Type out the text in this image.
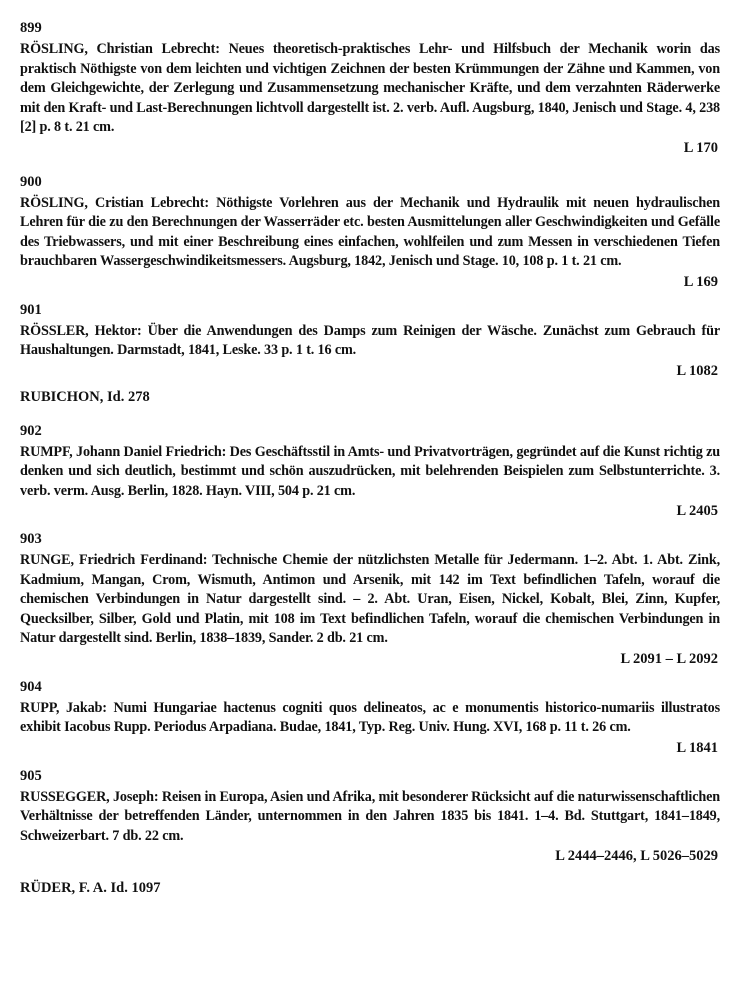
899
RÖSLING, Christian Lebrecht: Neues theoretisch-praktisches Lehr- und Hilfsbuch der Mechanik worin das praktisch Nöthigste von dem leichten und vichtigen Zeichnen der besten Krümmungen der Zähne und Kammen, von dem Gleichgewichte, der Zerlegung und Zusammensetzung mechanischer Kräfte, und dem verzahnten Räderwerke mit den Kraft- und Last-Berechnungen lichtvoll dargestellt ist. 2. verb. Aufl. Augsburg, 1840, Jenisch und Stage. 4, 238 [2] p. 8 t. 21 cm.
L 170
900
RÖSLING, Cristian Lebrecht: Nöthigste Vorlehren aus der Mechanik und Hydraulik mit neuen hydraulischen Lehren für die zu den Berechnungen der Wasserräder etc. besten Ausmittelungen aller Geschwindigkeiten und Gefälle des Triebwassers, und mit einer Beschreibung eines einfachen, wohlfeilen und zum Messen in verschiedenen Tiefen brauchbaren Wassergeschwindikeitsmessers. Augsburg, 1842, Jenisch und Stage. 10, 108 p. 1 t. 21 cm.
L 169
901
RÖSSLER, Hektor: Über die Anwendungen des Damps zum Reinigen der Wäsche. Zunächst zum Gebrauch für Haushaltungen. Darmstadt, 1841, Leske. 33 p. 1 t. 16 cm.
L 1082
RUBICHON, Id. 278
902
RUMPF, Johann Daniel Friedrich: Des Geschäftsstil in Amts- und Privatvorträgen, gegründet auf die Kunst richtig zu denken und sich deutlich, bestimmt und schön auszudrücken, mit belehrenden Beispielen zum Selbstunterrichte. 3. verb. verm. Ausg. Berlin, 1828. Hayn. VIII, 504 p. 21 cm.
L 2405
903
RUNGE, Friedrich Ferdinand: Technische Chemie der nützlichsten Metalle für Jedermann. 1–2. Abt. 1. Abt. Zink, Kadmium, Mangan, Crom, Wismuth, Antimon und Arsenik, mit 142 im Text befindlichen Tafeln, worauf die chemischen Verbindungen in Natur dargestellt sind. – 2. Abt. Uran, Eisen, Nickel, Kobalt, Blei, Zinn, Kupfer, Quecksilber, Silber, Gold und Platin, mit 108 im Text befindlichen Tafeln, worauf die chemischen Verbindungen in Natur dargestellt sind. Berlin, 1838–1839, Sander. 2 db. 21 cm.
L 2091 – L 2092
904
RUPP, Jakab: Numi Hungariae hactenus cogniti quos delineatos, ac e monumentis historico-numariis illustratos exhibit Iacobus Rupp. Periodus Arpadiana. Budae, 1841, Typ. Reg. Univ. Hung. XVI, 168 p. 11 t. 26 cm.
L 1841
905
RUSSEGGER, Joseph: Reisen in Europa, Asien und Afrika, mit besonderer Rücksicht auf die naturwissenschaftlichen Verhältnisse der betreffenden Länder, unternommen in den Jahren 1835 bis 1841. 1–4. Bd. Stuttgart, 1841–1849, Schweizerbart. 7 db. 22 cm.
L 2444–2446, L 5026–5029
RÜDER, F. A. Id. 1097
